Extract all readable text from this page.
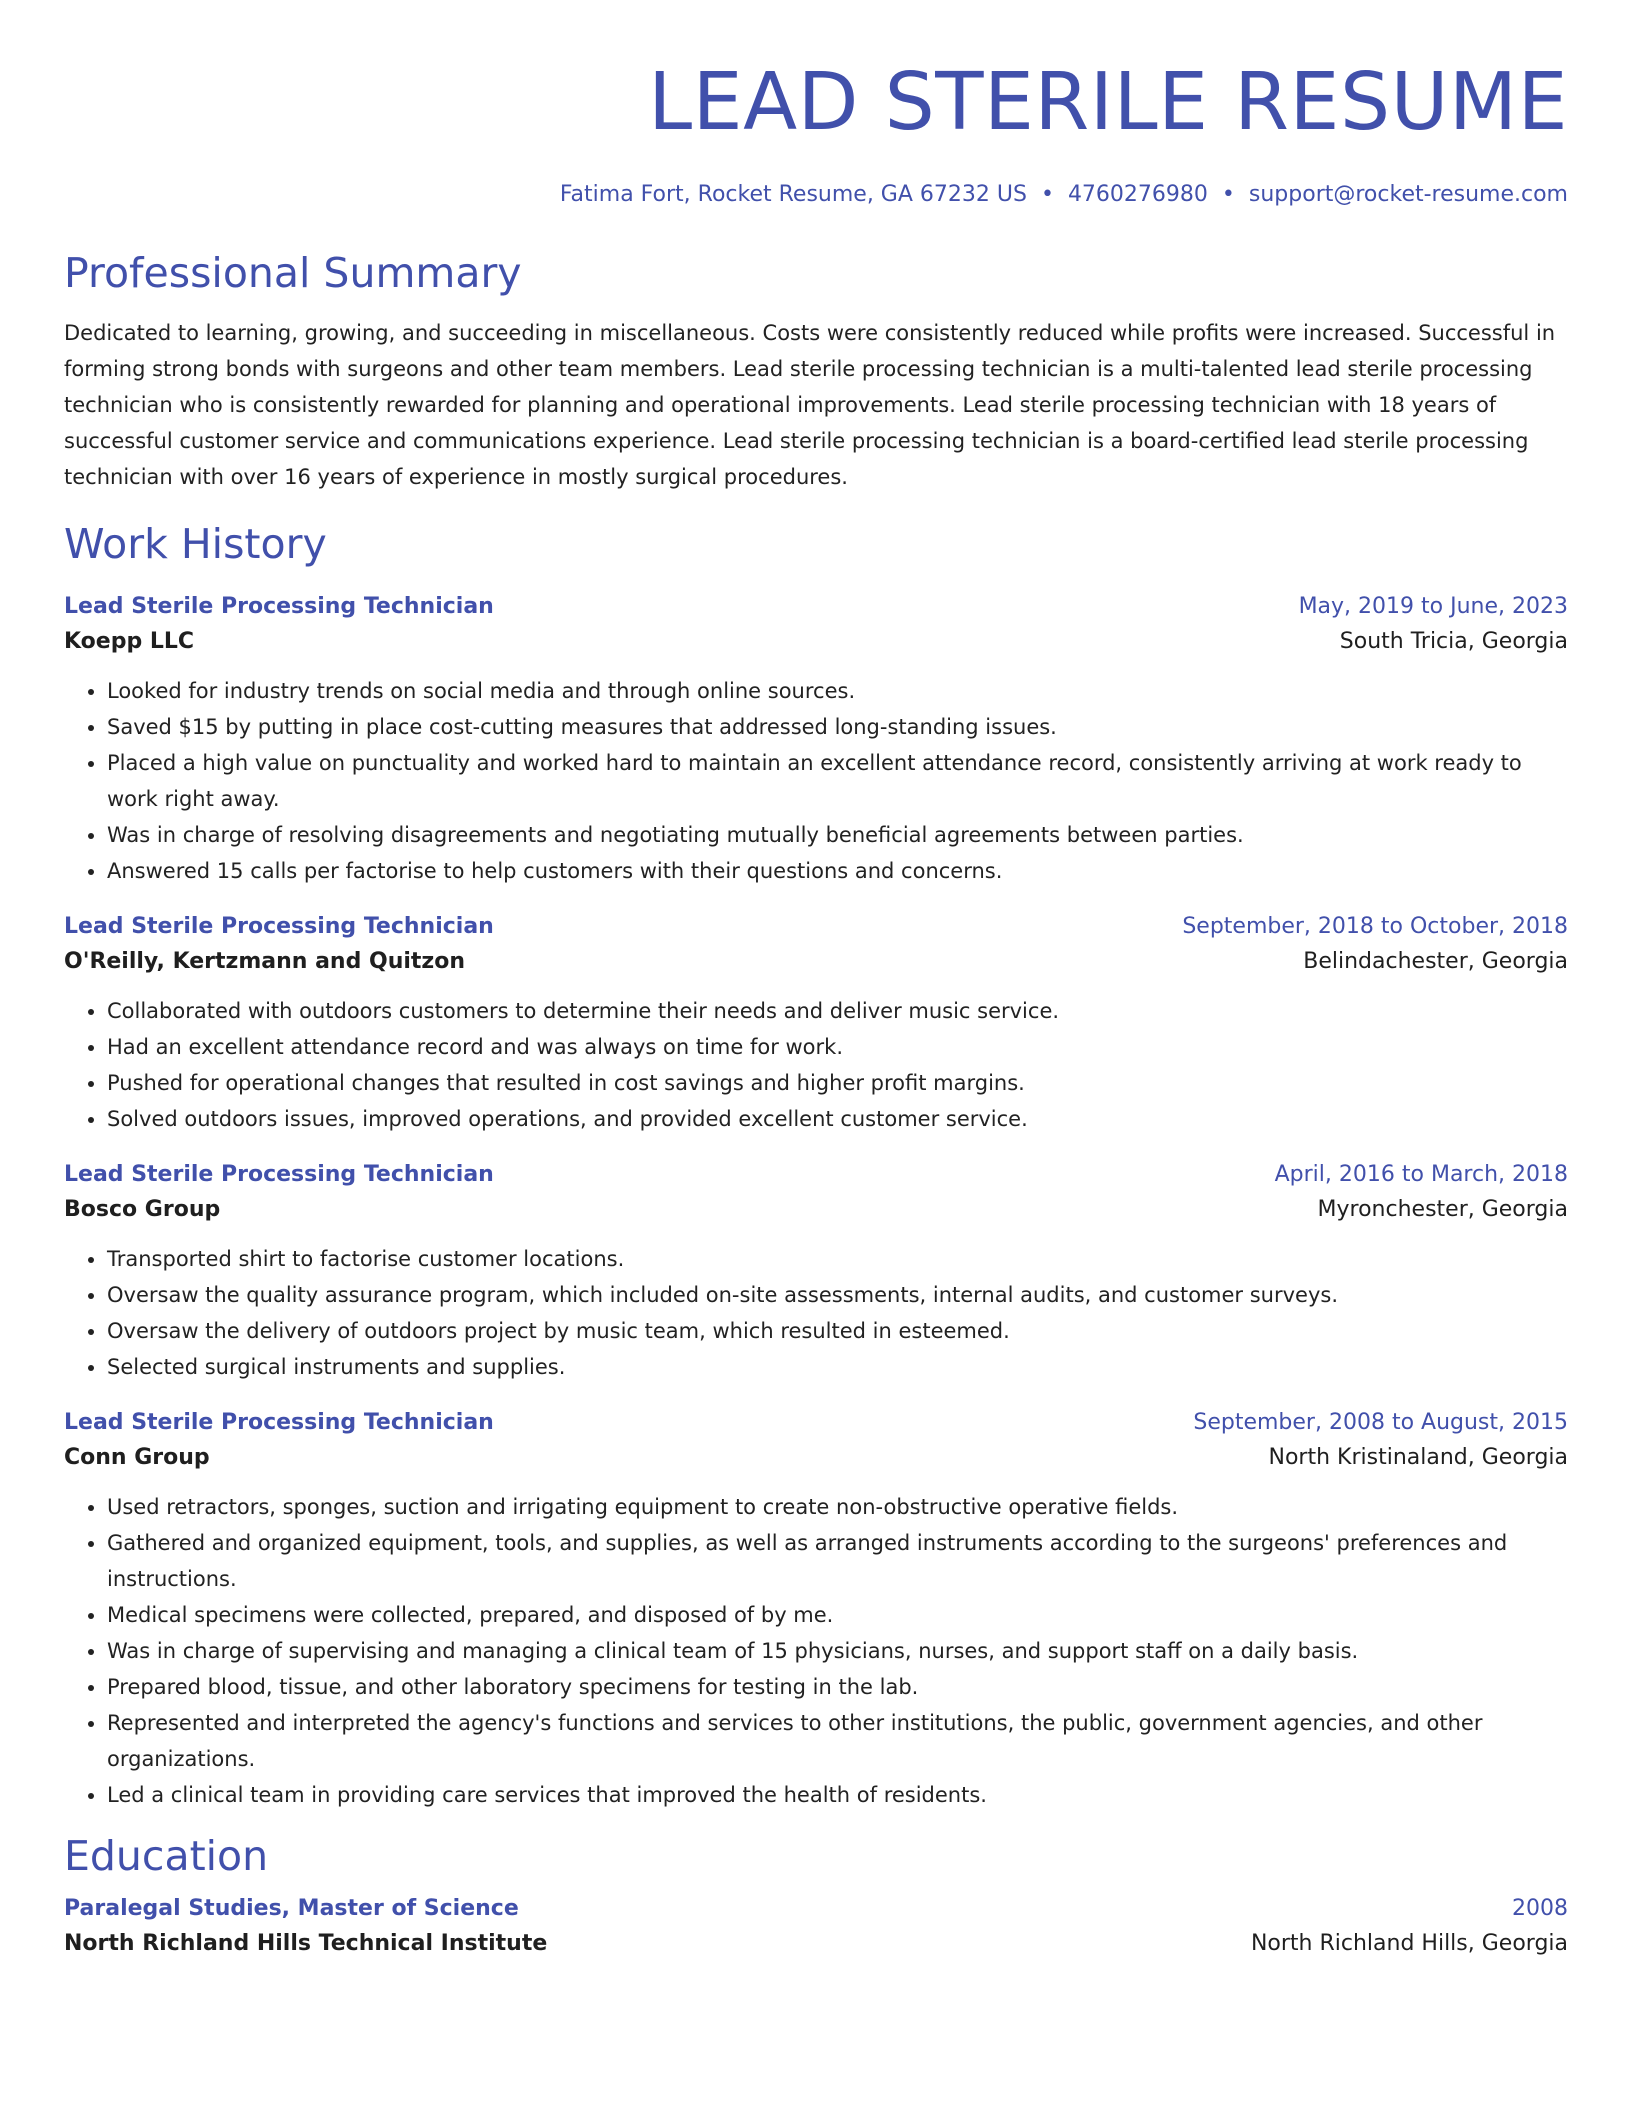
LEAD STERILE RESUME
Fatima Fort, Rocket Resume, GA 67232 US • 4760276980 • support@rocket-resume.com
Professional Summary
Dedicated to learning, growing, and succeeding in miscellaneous. Costs were consistently reduced while profits were increased. Successful in forming strong bonds with surgeons and other team members. Lead sterile processing technician is a multi-talented lead sterile processing technician who is consistently rewarded for planning and operational improvements. Lead sterile processing technician with 18 years of successful customer service and communications experience. Lead sterile processing technician is a board-certified lead sterile processing technician with over 16 years of experience in mostly surgical procedures.
Work History
Lead Sterile Processing Technician	May, 2019 to June, 2023
Koepp LLC	South Tricia, Georgia
• Looked for industry trends on social media and through online sources.
• Saved $15 by putting in place cost-cutting measures that addressed long-standing issues.
• Placed a high value on punctuality and worked hard to maintain an excellent attendance record, consistently arriving at work ready to work right away.
• Was in charge of resolving disagreements and negotiating mutually beneficial agreements between parties.
• Answered 15 calls per factorise to help customers with their questions and concerns.
Lead Sterile Processing Technician	September, 2018 to October, 2018
O'Reilly, Kertzmann and Quitzon	Belindachester, Georgia
• Collaborated with outdoors customers to determine their needs and deliver music service.
• Had an excellent attendance record and was always on time for work.
• Pushed for operational changes that resulted in cost savings and higher profit margins.
• Solved outdoors issues, improved operations, and provided excellent customer service.
Lead Sterile Processing Technician	April, 2016 to March, 2018
Bosco Group	Myronchester, Georgia
• Transported shirt to factorise customer locations.
• Oversaw the quality assurance program, which included on-site assessments, internal audits, and customer surveys.
• Oversaw the delivery of outdoors project by music team, which resulted in esteemed.
• Selected surgical instruments and supplies.
Lead Sterile Processing Technician	September, 2008 to August, 2015
Conn Group	North Kristinaland, Georgia
• Used retractors, sponges, suction and irrigating equipment to create non-obstructive operative fields.
• Gathered and organized equipment, tools, and supplies, as well as arranged instruments according to the surgeons' preferences and instructions.
• Medical specimens were collected, prepared, and disposed of by me.
• Was in charge of supervising and managing a clinical team of 15 physicians, nurses, and support staff on a daily basis.
• Prepared blood, tissue, and other laboratory specimens for testing in the lab.
• Represented and interpreted the agency's functions and services to other institutions, the public, government agencies, and other organizations.
• Led a clinical team in providing care services that improved the health of residents.
Education
Paralegal Studies, Master of Science	2008
North Richland Hills Technical Institute	North Richland Hills, Georgia
